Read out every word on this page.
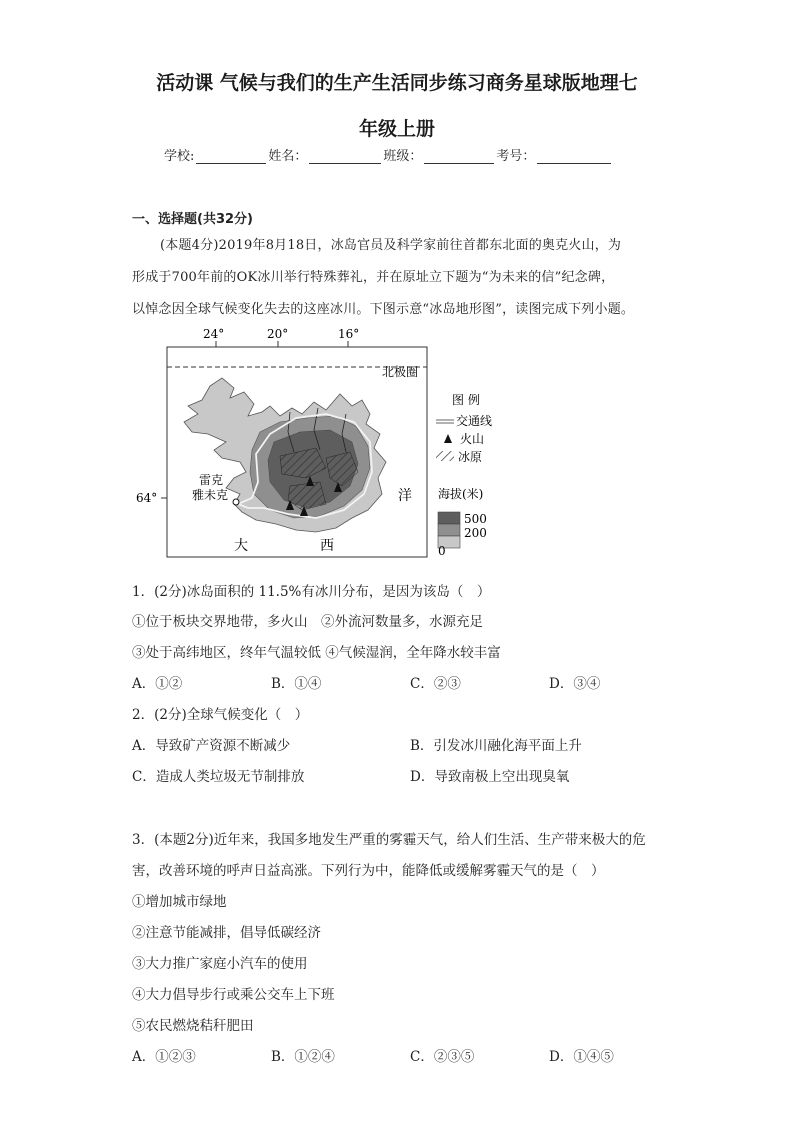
活动课 气候与我们的生产生活同步练习商务星球版地理七
年级上册
学校:	姓名：	班级：	考号：
一、选择题(共32分)
(本题4分)2019年8月18日，冰岛官员及科学家前往首都东北面的奥克火山，为
形成于700年前的OK冰川举行特殊葬礼，并在原址立下题为“为未来的信”纪念碑，
以悼念因全球气候变化失去的这座冰川。下图示意“冰岛地形图”，读图完成下列小题。
24°	20°	16°
北极圈
64°
雷克
雅未克	洋
大	西
图 例
交通线
火山
冰原
海拔(米)
500
200
0
1．(2分)冰岛面积的 11.5%有冰川分布，是因为该岛（　）
①位于板块交界地带，多火山　②外流河数量多，水源充足
③处于高纬地区，终年气温较低 ④气候湿润，全年降水较丰富
A．①②	B．①④	C．②③	D．③④
2．(2分)全球气候变化（　）
A．导致矿产资源不断减少	B．引发冰川融化海平面上升
C．造成人类垃圾无节制排放	D．导致南极上空出现臭氧
3．(本题2分)近年来，我国多地发生严重的雾霾天气，给人们生活、生产带来极大的危
害，改善环境的呼声日益高涨。下列行为中，能降低或缓解雾霾天气的是（　）
①增加城市绿地
②注意节能减排，倡导低碳经济
③大力推广家庭小汽车的使用
④大力倡导步行或乘公交车上下班
⑤农民燃烧秸秆肥田
A．①②③	B．①②④	C．②③⑤	D．①④⑤
